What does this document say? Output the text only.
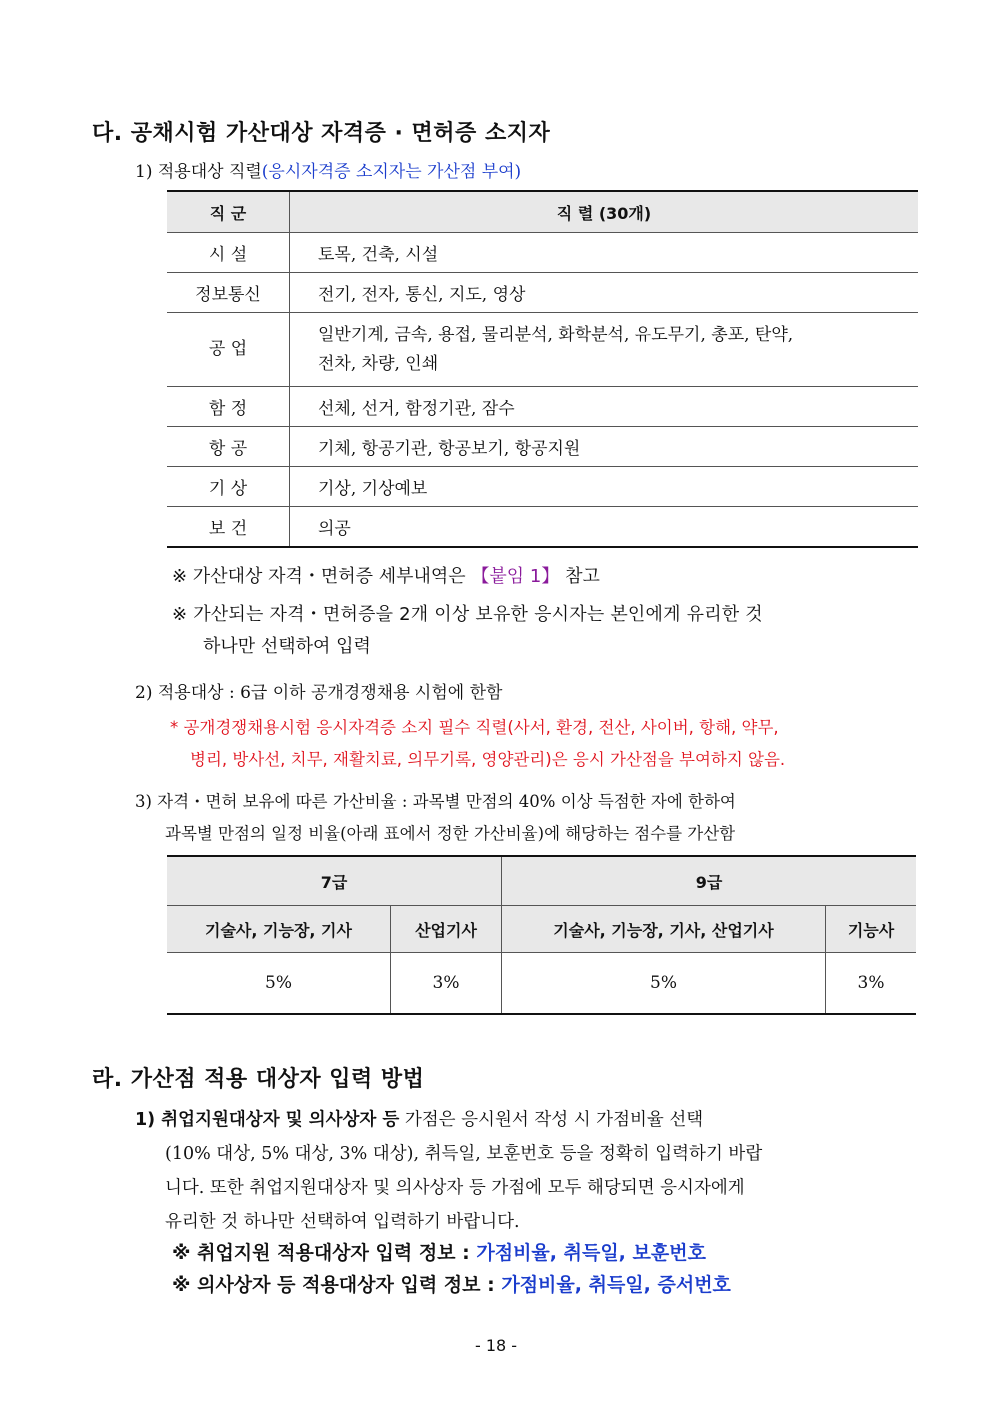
다. 공채시험 가산대상 자격증 · 면허증 소지자
1) 적용대상 직렬(응시자격증 소지자는 가산점 부여)
직 군	직 렬 (30개)
시 설	토목, 건축, 시설
정보통신	전기, 전자, 통신, 지도, 영상
공 업	일반기계, 금속, 용접, 물리분석, 화학분석, 유도무기, 총포, 탄약,
전차, 차량, 인쇄

함 정	선체, 선거, 함정기관, 잠수
항 공	기체, 항공기관, 항공보기, 항공지원
기 상	기상, 기상예보
보 건	의공
※ 가산대상 자격・면허증 세부내역은 【붙임 1】 참고
※ 가산되는 자격・면허증을 2개 이상 보유한 응시자는 본인에게 유리한 것
하나만 선택하여 입력
2) 적용대상 : 6급 이하 공개경쟁채용 시험에 한함
* 공개경쟁채용시험 응시자격증 소지 필수 직렬(사서, 환경, 전산, 사이버, 항해, 약무,
병리, 방사선, 치무, 재활치료, 의무기록, 영양관리)은 응시 가산점을 부여하지 않음.
3) 자격・면허 보유에 따른 가산비율 : 과목별 만점의 40% 이상 득점한 자에 한하여
과목별 만점의 일정 비율(아래 표에서 정한 가산비율)에 해당하는 점수를 가산함
7급		9급	
기술사, 기능장, 기사	산업기사	기술사, 기능장, 기사, 산업기사	기능사
5%	3%	5%	3%
라. 가산점 적용 대상자 입력 방법
1) 취업지원대상자 및 의사상자 등 가점은 응시원서 작성 시 가점비율 선택
(10% 대상, 5% 대상, 3% 대상), 취득일, 보훈번호 등을 정확히 입력하기 바랍
니다. 또한 취업지원대상자 및 의사상자 등 가점에 모두 해당되면 응시자에게
유리한 것 하나만 선택하여 입력하기 바랍니다.
※ 취업지원 적용대상자 입력 정보 : 가점비율, 취득일, 보훈번호
※ 의사상자 등 적용대상자 입력 정보 : 가점비율, 취득일, 증서번호
- 18 -
